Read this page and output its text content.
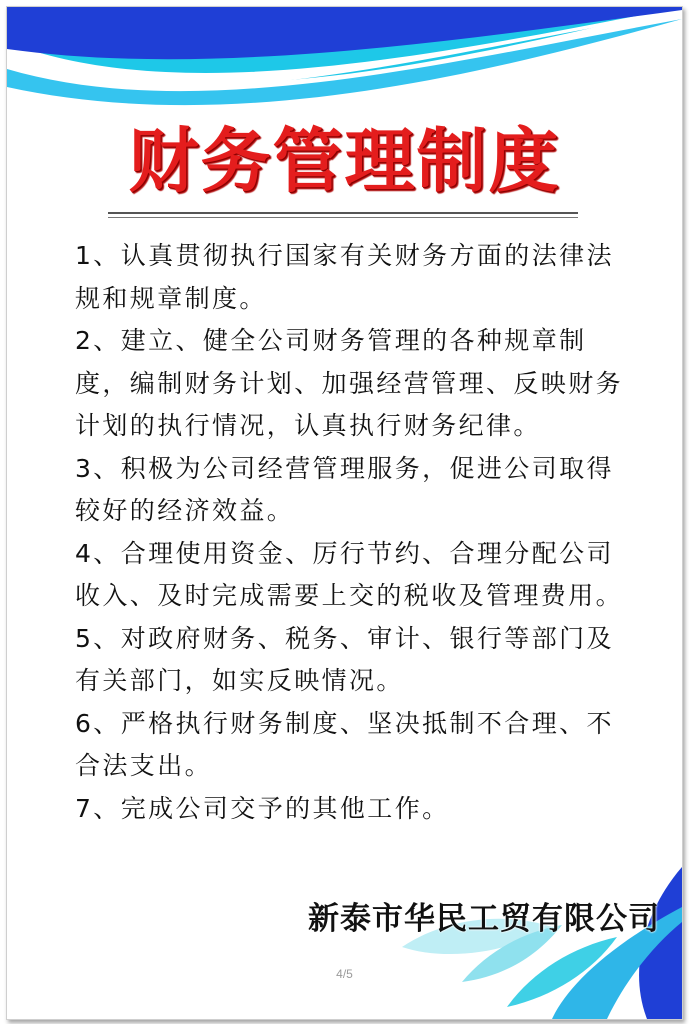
财务管理制度

1、认真贯彻执行国家有关财务方面的法律法规和规章制度。

2、建立、健全公司财务管理的各种规章制度，编制财务计划、加强经营管理、反映财务计划的执行情况，认真执行财务纪律。

3、积极为公司经营管理服务，促进公司取得较好的经济效益。

4、合理使用资金、厉行节约、合理分配公司收入、及时完成需要上交的税收及管理费用。

5、对政府财务、税务、审计、银行等部门及有关部门，如实反映情况。

6、严格执行财务制度、坚决抵制不合理、不合法支出。

7、完成公司交予的其他工作。

新泰市华民工贸有限公司
4/5
